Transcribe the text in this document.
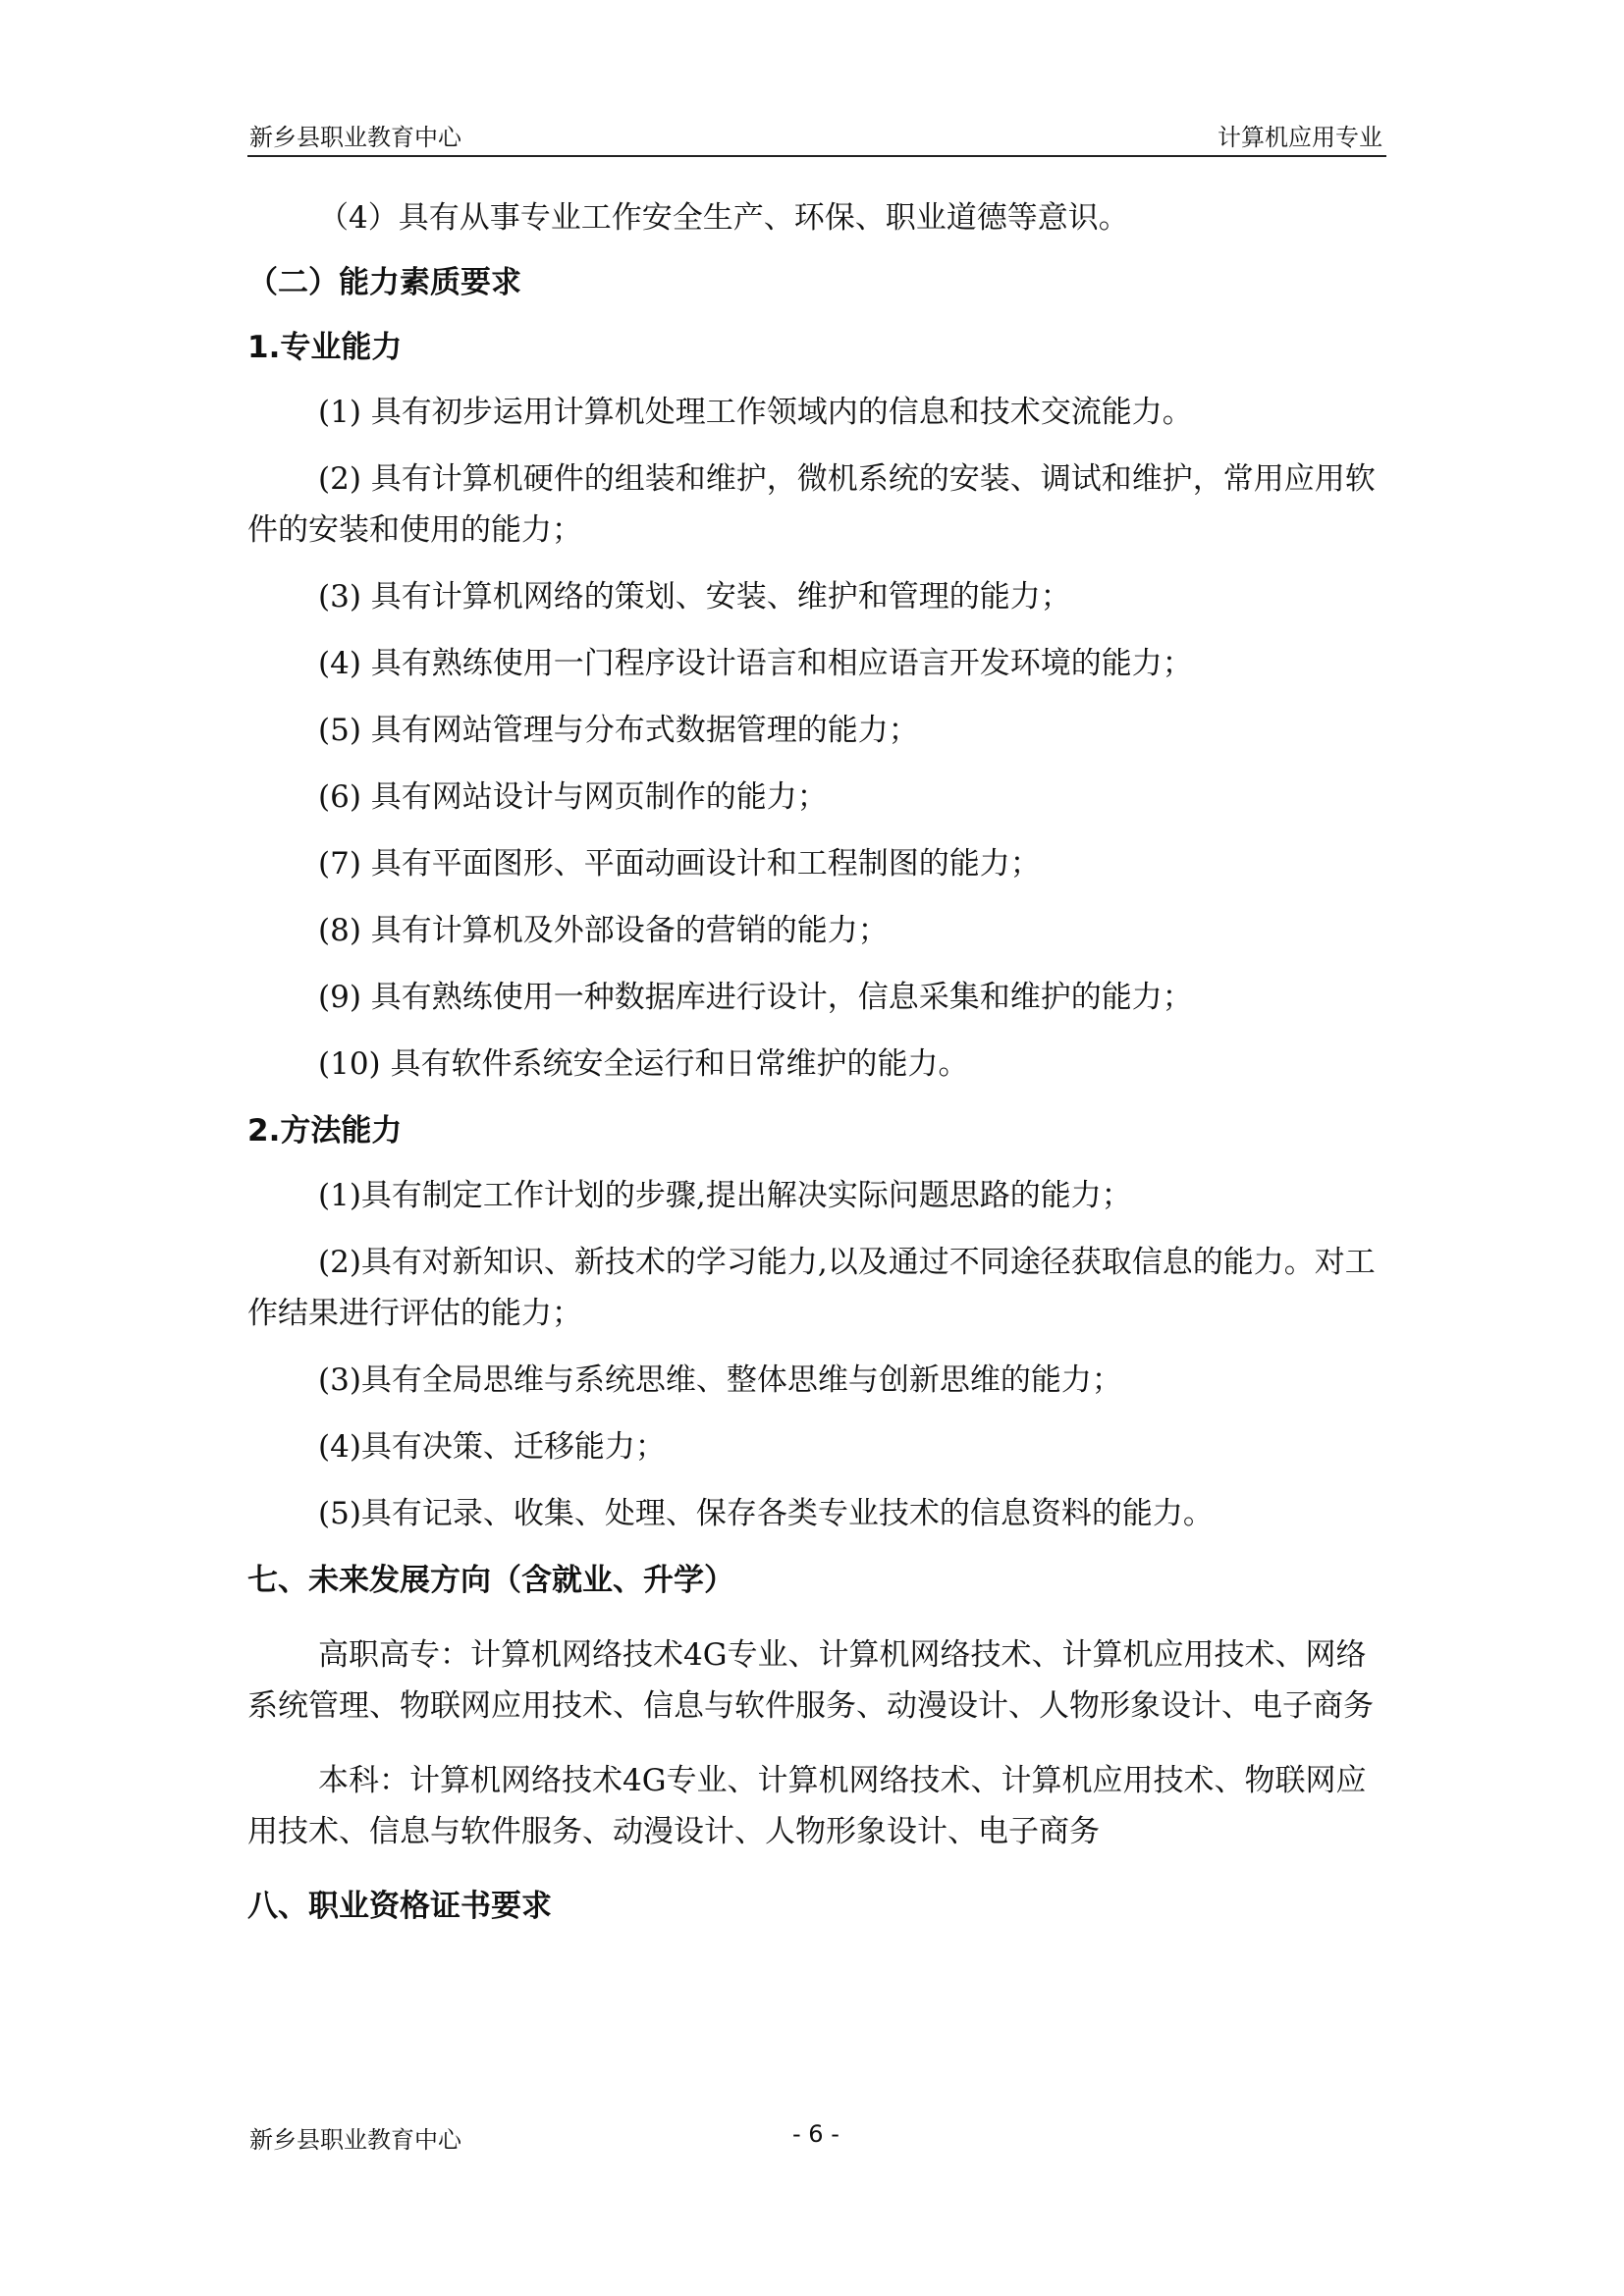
新乡县职业教育中心	计算机应用专业

（4）具有从事专业工作安全生产、环保、职业道德等意识。

（二）能力素质要求

1.专业能力

(1) 具有初步运用计算机处理工作领域内的信息和技术交流能力。

(2) 具有计算机硬件的组装和维护，微机系统的安装、调试和维护，常用应用软件的安装和使用的能力；

(3) 具有计算机网络的策划、安装、维护和管理的能力；

(4) 具有熟练使用一门程序设计语言和相应语言开发环境的能力；

(5) 具有网站管理与分布式数据管理的能力；

(6) 具有网站设计与网页制作的能力；

(7) 具有平面图形、平面动画设计和工程制图的能力；

(8) 具有计算机及外部设备的营销的能力；

(9) 具有熟练使用一种数据库进行设计，信息采集和维护的能力；

(10) 具有软件系统安全运行和日常维护的能力。

2.方法能力

(1)具有制定工作计划的步骤,提出解决实际问题思路的能力；

(2)具有对新知识、新技术的学习能力,以及通过不同途径获取信息的能力。对工作结果进行评估的能力；

(3)具有全局思维与系统思维、整体思维与创新思维的能力；

(4)具有决策、迁移能力；

(5)具有记录、收集、处理、保存各类专业技术的信息资料的能力。

七、未来发展方向（含就业、升学）

高职高专：计算机网络技术4G专业、计算机网络技术、计算机应用技术、网络系统管理、物联网应用技术、信息与软件服务、动漫设计、人物形象设计、电子商务

本科：计算机网络技术4G专业、计算机网络技术、计算机应用技术、物联网应用技术、信息与软件服务、动漫设计、人物形象设计、电子商务

八、职业资格证书要求

新乡县职业教育中心	- 6 -
